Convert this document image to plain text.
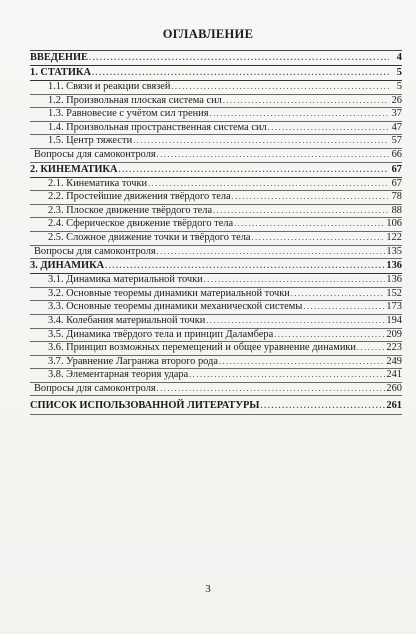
ОГЛАВЛЕНИЕ
ВВЕДЕНИЕ .....	4
1. СТАТИКА .....	5
1.1. Связи и реакции связей .....	5
1.2. Произвольная плоская система сил .....	26
1.3. Равновесие с учётом сил трения .....	37
1.4. Произвольная пространственная система сил .....	47
1.5. Центр тяжести .....	57
Вопросы для самоконтроля .....	66
2. КИНЕМАТИКА .....	67
2.1. Кинематика точки .....	67
2.2. Простейшие движения твёрдого тела .....	78
2.3. Плоское движение твёрдого тела .....	88
2.4. Сферическое движение твёрдого тела .....	106
2.5. Сложное движение точки и твёрдого тела .....	122
Вопросы для самоконтроля .....	135
3. ДИНАМИКА .....	136
3.1. Динамика материальной точки .....	136
3.2. Основные теоремы динамики материальной точки .....	152
3.3. Основные теоремы динамики механической системы .....	173
3.4. Колебания материальной точки .....	194
3.5. Динамика твёрдого тела и принцип Даламбера .....	209
3.6. Принцип возможных перемещений и общее уравнение динамики .....	223
3.7. Уравнение Лагранжа второго рода .....	249
3.8. Элементарная теория удара .....	241
Вопросы для самоконтроля .....	260
СПИСОК ИСПОЛЬЗОВАННОЙ ЛИТЕРАТУРЫ .....	261
3
